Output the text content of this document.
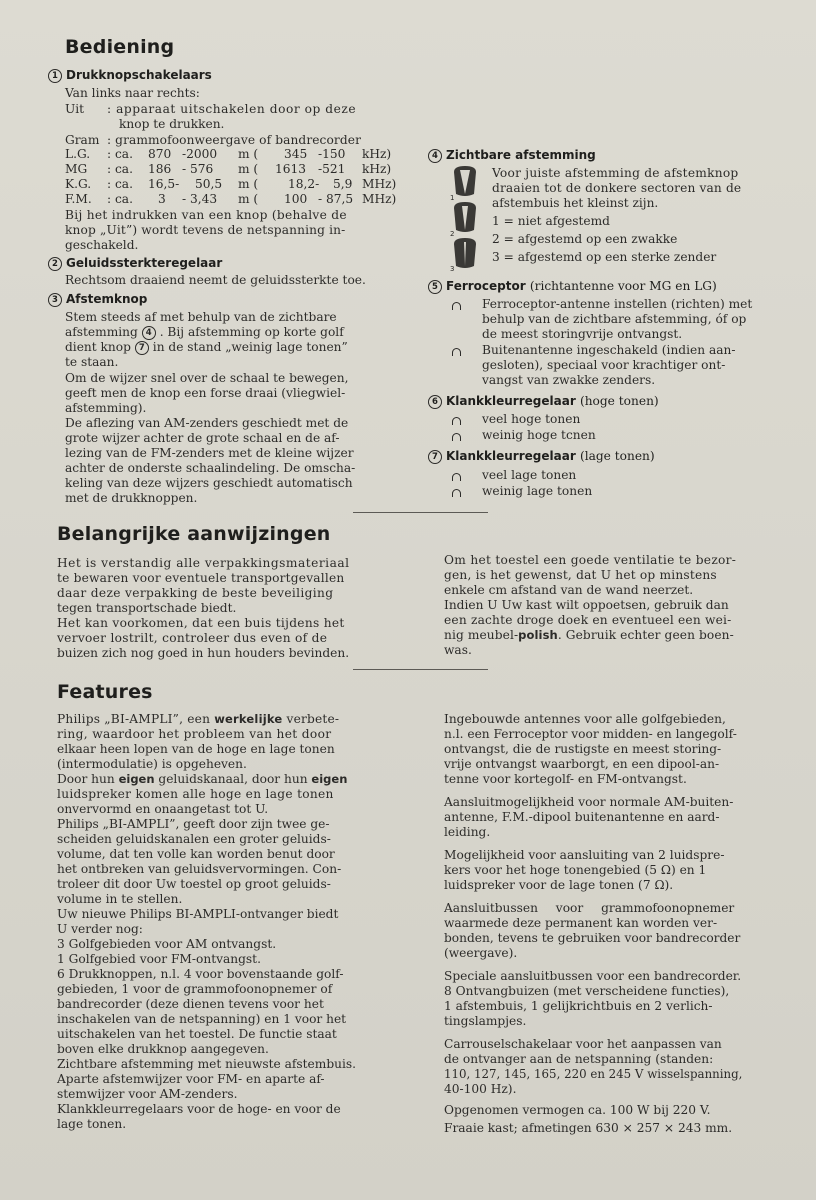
Bediening
1 Drukknopschakelaars
Van links naar rechts:
Uit : apparaat uitschakelen door op deze
knop te drukken.
Gram : grammofoonweergave of bandrecorder
L.G. : ca. 870 -2000 m ( 345 -150 kHz)
MG : ca. 186 - 576 m ( 1613 -521 kHz)
K.G. : ca. 16,5- 50,5 m ( 18,2- 5,9 MHz)
F.M. : ca. 3 - 3,43 m ( 100 - 87,5 MHz)
Bij het indrukken van een knop (behalve de
knop „Uit”) wordt tevens de netspanning in-
geschakeld.
2 Geluidssterkteregelaar
Rechtsom draaiend neemt de geluidssterkte toe.
3 Afstemknop
Stem steeds af met behulp van de zichtbare
afstemming 4 . Bij afstemming op korte golf
dient knop 7 in de stand „weinig lage tonen”
te staan.
Om de wijzer snel over de schaal te bewegen,
geeft men de knop een forse draai (vliegwiel-
afstemming).
De aflezing van AM-zenders geschiedt met de
grote wijzer achter de grote schaal en de af-
lezing van de FM-zenders met de kleine wijzer
achter de onderste schaalindeling. De omscha-
keling van deze wijzers geschiedt automatisch
met de drukknoppen.
4 Zichtbare afstemming
1
2
3
Voor juiste afstemming de afstemknop
draaien tot de donkere sectoren van de
afstembuis het kleinst zijn.
1 = niet afgestemd
2 = afgestemd op een zwakke
3 = afgestemd op een sterke zender
5 Ferroceptor (richtantenne voor MG en LG)
Ferroceptor-antenne instellen (richten) met
behulp van de zichtbare afstemming, óf op
de meest storingvrije ontvangst.
Buitenantenne ingeschakeld (indien aan-
gesloten), speciaal voor krachtiger ont-
vangst van zwakke zenders.
6 Klankkleurregelaar (hoge tonen)
veel hoge tonen
weinig hoge tcnen
7 Klankkleurregelaar (lage tonen)
veel lage tonen
weinig lage tonen
Belangrijke aanwijzingen
Het is verstandig alle verpakkingsmateriaal
te bewaren voor eventuele transportgevallen
daar deze verpakking de beste beveiliging
tegen transportschade biedt.
Het kan voorkomen, dat een buis tijdens het
vervoer lostrilt, controleer dus even of de
buizen zich nog goed in hun houders bevinden.
Om het toestel een goede ventilatie te bezor-
gen, is het gewenst, dat U het op minstens
enkele cm afstand van de wand neerzet.
Indien U Uw kast wilt oppoetsen, gebruik dan
een zachte droge doek en eventueel een wei-
nig meubel-polish. Gebruik echter geen boen-
was.
Features
Philips „BI-AMPLI”, een werkelijke verbete-
ring, waardoor het probleem van het door
elkaar heen lopen van de hoge en lage tonen
(intermodulatie) is opgeheven.
Door hun eigen geluidskanaal, door hun eigen
luidspreker komen alle hoge en lage tonen
onvervormd en onaangetast tot U.
Philips „BI-AMPLI”, geeft door zijn twee ge-
scheiden geluidskanalen een groter geluids-
volume, dat ten volle kan worden benut door
het ontbreken van geluidsvervormingen. Con-
troleer dit door Uw toestel op groot geluids-
volume in te stellen.
Uw nieuwe Philips BI-AMPLI-ontvanger biedt
U verder nog:
3 Golfgebieden voor AM ontvangst.
1 Golfgebied voor FM-ontvangst.
6 Drukknoppen, n.l. 4 voor bovenstaande golf-
gebieden, 1 voor de grammofoonopnemer of
bandrecorder (deze dienen tevens voor het
inschakelen van de netspanning) en 1 voor het
uitschakelen van het toestel. De functie staat
boven elke drukknop aangegeven.
Zichtbare afstemming met nieuwste afstembuis.
Aparte afstemwijzer voor FM- en aparte af-
stemwijzer voor AM-zenders.
Klankkleurregelaars voor de hoge- en voor de
lage tonen.
Ingebouwde antennes voor alle golfgebieden,
n.l. een Ferroceptor voor midden- en langegolf-
ontvangst, die de rustigste en meest storing-
vrije ontvangst waarborgt, en een dipool-an-
tenne voor kortegolf- en FM-ontvangst.
Aansluitmogelijkheid voor normale AM-buiten-
antenne, F.M.-dipool buitenantenne en aard-
leiding.
Mogelijkheid voor aansluiting van 2 luidspre-
kers voor het hoge tonengebied (5 Ω) en 1
luidspreker voor de lage tonen (7 Ω).
Aansluitbussen voor grammofoonopnemer
waarmede deze permanent kan worden ver-
bonden, tevens te gebruiken voor bandrecorder
(weergave).
Speciale aansluitbussen voor een bandrecorder.
8 Ontvangbuizen (met verscheidene functies),
1 afstembuis, 1 gelijkrichtbuis en 2 verlich-
tingslampjes.
Carrouselschakelaar voor het aanpassen van
de ontvanger aan de netspanning (standen:
110, 127, 145, 165, 220 en 245 V wisselspanning,
40-100 Hz).
Opgenomen vermogen ca. 100 W bij 220 V.
Fraaie kast; afmetingen 630 × 257 × 243 mm.
